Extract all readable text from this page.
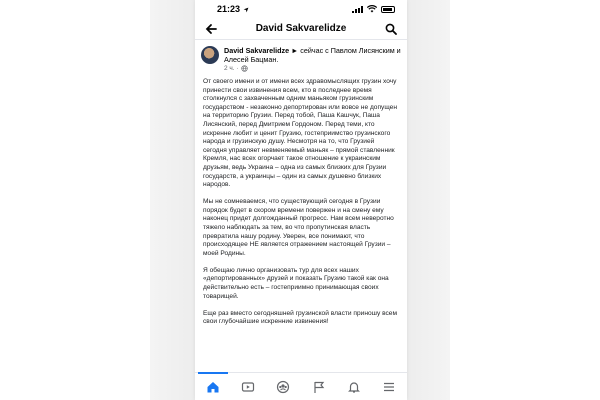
21:23
David Sakvarelidze
David Sakvarelidze ► сейчас с Павлом Лисянским и Алесей Бацман.
2 ч. ·

От своего имени и от имени всех здравомыслящих грузин хочу принести свои извинения всем, кто в последнее время столкнулся с захваченным одним маньяком грузинским государством - незаконно депортирован или вовсе не допущен на территорию Грузии. Перед тобой, Паша Кашчук, Паша Лисянский, перед Дмитрием Гордоном. Перед теми, кто искренне любит и ценит Грузию, гостеприимство грузинского народа и грузинскую душу. Несмотря на то, что Грузией сегодня управляет невменяемый маньяк – прямой ставленник Кремля, нас всех огорчает такое отношение к украинским друзьям, ведь Украина – одна из самых близких для Грузии государств, а украинцы – один из самых душевно близких народов.

Мы не сомневаемся, что существующий сегодня в Грузии порядок будет в скором времени повержен и на смену ему наконец придет долгожданный прогресс. Нам всем неверотно тяжело наблюдать за тем, во что пропутинская власть превратила нашу родину. Уверен, все понимают, что происходящее НЕ является отражением настоящей Грузии – моей Родины.

Я обещаю лично организовать тур для всех наших «депортированных» друзей и показать Грузию такой как она действительно есть – гостеприимно принимающая своих товарищей.

Еще раз вместо сегодняшней грузинской власти приношу всем свои глубочайшие искренние извинения!
